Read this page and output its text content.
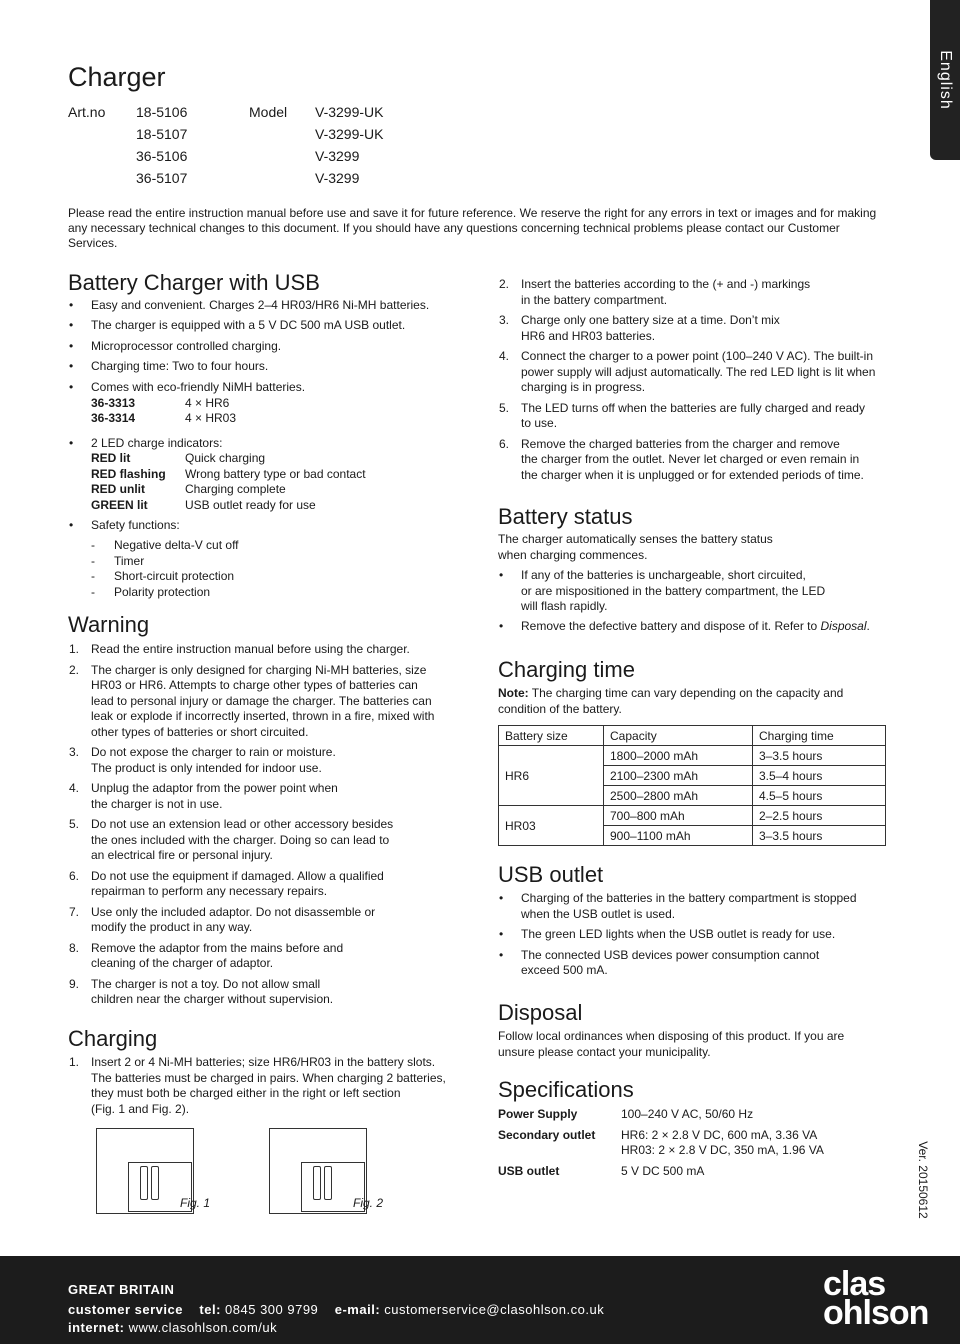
English
Charger
18-5106	V-3299-UK
18-5107	V-3299-UK
36-5106	V-3299
36-5107	V-3299

Please read the entire instruction manual before use and save it for future reference. We reserve the right for any errors in text or images and for making any necessary technical changes to this document. If you should have any questions concerning technical problems please contact our Customer Services.

Ver. 20150612
GREAT BRITAIN
customer service tel: 0845 300 9799 e-mail: customerservice@clasohlson.co.uk
internet: www.clasohlson.com/uk
clas
ohlson
Art.no	Model
Battery Charger with USB
• Easy and convenient. Charges 2–4 HR03/HR6 Ni-MH batteries.
• The charger is equipped with a 5 V DC 500 mA USB outlet.
• Microprocessor controlled charging.
• Charging time: Two to four hours.
• Comes with eco-friendly NiMH batteries.
36-3313	4 × HR6
36-3314	4 × HR03
• 2 LED charge indicators:
RED lit	Quick charging
RED flashing Wrong battery type or bad contact
RED unlit	Charging complete
GREEN lit	USB outlet ready for use
• Safety functions:
- Negative delta-V cut off
- Timer
- Short-circuit protection
- Polarity protection
Warning
1. Read the entire instruction manual before using the charger.
2. The charger is only designed for charging Ni-MH batteries, size
HR03 or HR6. Attempts to charge other types of batteries can
lead to personal injury or damage the charger. The batteries can
leak or explode if incorrectly inserted, thrown in a fire, mixed with
other types of batteries or short circuited.
3. Do not expose the charger to rain or moisture.
The product is only intended for indoor use.
4. Unplug the adaptor from the power point when
the charger is not in use.
5. Do not use an extension lead or other accessory besides
the ones included with the charger. Doing so can lead to
an electrical fire or personal injury.
6. Do not use the equipment if damaged. Allow a qualified
repairman to perform any necessary repairs.
7. Use only the included adaptor. Do not disassemble or
modify the product in any way.
8. Remove the adaptor from the mains before and
cleaning of the charger of adaptor.
9. The charger is not a toy. Do not allow small
children near the charger without supervision.
Charging
1. Insert 2 or 4 Ni-MH batteries; size HR6/HR03 in the battery slots.
The batteries must be charged in pairs. When charging 2 batteries,
they must both be charged either in the right or left section
(Fig. 1 and Fig. 2).
Fig. 1	Fig. 2
2. Insert the batteries according to the (+ and -) markings
in the battery compartment.
3. Charge only one battery size at a time. Don’t mix
HR6 and HR03 batteries.
4. Connect the charger to a power point (100–240 V AC). The built-in
power supply will adjust automatically. The red LED light is lit when
charging is in progress.
5. The LED turns off when the batteries are fully charged and ready
to use.
6. Remove the charged batteries from the charger and remove
the charger from the outlet. Never let charged or even remain in
the charger when it is unplugged or for extended periods of time.
Battery status
The charger automatically senses the battery status
when charging commences.
• If any of the batteries is unchargeable, short circuited,
or are mispositioned in the battery compartment, the LED
will flash rapidly.
• Remove the defective battery and dispose of it. Refer to Disposal.
Charging time
Note: The charging time can vary depending on the capacity and
condition of the battery.
Battery size	Capacity	Charging time
HR6	1800–2000 mAh	3–3.5 hours
	2100–2300 mAh	3.5–4 hours
	2500–2800 mAh	4.5–5 hours
HR03	700–800 mAh	2–2.5 hours
	900–1100 mAh	3–3.5 hours
USB outlet
• Charging of the batteries in the battery compartment is stopped
when the USB outlet is used.
• The green LED lights when the USB outlet is ready for use.
• The connected USB devices power consumption cannot
exceed 500 mA.
Disposal
Follow local ordinances when disposing of this product. If you are
unsure please contact your municipality.
Specifications
Power Supply	100–240 V AC, 50/60 Hz
Secondary outlet HR6: 2 × 2.8 V DC, 600 mA, 3.36 VA
HR03: 2 × 2.8 V DC, 350 mA, 1.96 VA
USB outlet	5 V DC 500 mA
